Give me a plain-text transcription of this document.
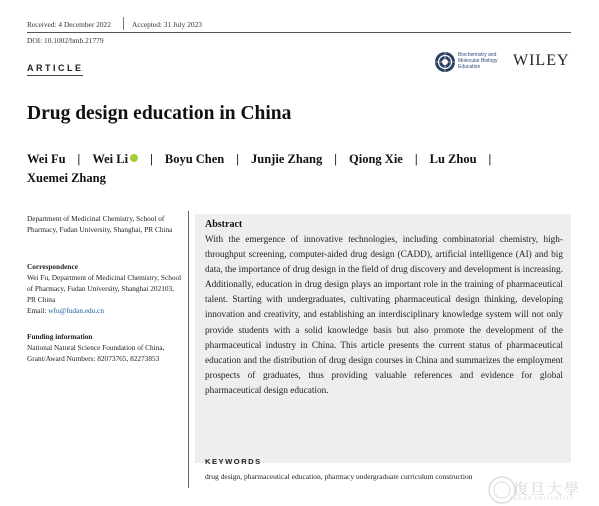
Received: 4 December 2022	Accepted: 31 July 2023
DOI: 10.1002/bmb.21779
ARTICLE
Biochemistry and Molecular Biology Education	WILEY
Drug design education in China
Wei Fu | Wei Li | Boyu Chen | Junjie Zhang | Qiong Xie | Lu Zhou |
Xuemei Zhang
Department of Medicinal Chemistry, School of Pharmacy, Fudan University, Shanghai, PR China
Correspondence
Wei Fu, Department of Medicinal Chemistry, School of Pharmacy, Fudan University, Shanghai 202103, PR China
Email: wfu@fudan.edu.cn
Funding information
National Natural Science Foundation of China, Grant/Award Numbers: 82073765, 82273853
Abstract
With the emergence of innovative technologies, including combinatorial chemistry, high-throughput screening, computer-aided drug design (CADD), artificial intelligence (AI) and big data, the importance of drug design in the field of drug discovery and development is increasing. Additionally, education in drug design plays an important role in the training of pharmaceutical talent. Starting with undergraduates, cultivating pharmaceutical design thinking, developing innovation and creativity, and establishing an interdisciplinary knowledge system will not only provide students with a solid knowledge basis but also promote the development of the pharmaceutical industry in China. This article presents the current status of pharmaceutical education and the distribution of drug design courses in China and summarizes the employment prospects of graduates, thus providing valuable references and evidence for global pharmaceutical design education.
KEYWORDS
drug design, pharmaceutical education, pharmacy undergraduate curriculum construction
復旦大學
FUDAN UNIVERSITY
